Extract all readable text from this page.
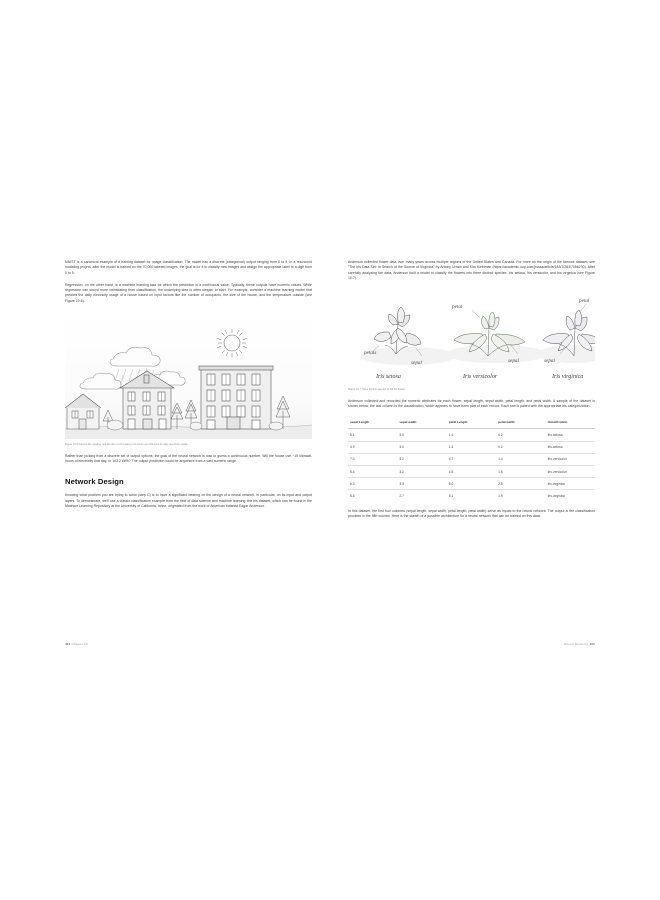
MNIST is a canonical example of a training dataset for image classification. The model has a discrete (categorical) output ranging from 0 to 9. In a real-world modeling project, after the model is trained on the 70,000 labeled images, the goal is for it to classify new images and assign the appropriate label to a digit from 0 to 9.

Regression, on the other hand, is a machine learning task for which the prediction is a continuous value. Typically, these outputs have numeric values. While regression can sound more intimidating than classification, the underlying idea is often simpler to start. For example, consider a machine learning model that predicts the daily electricity usage of a house based on input factors like the number of occupants, the size of the house, and the temperature outside (see Figure 10.6).

Figure 10.6 Factors like weather and the size or occupancy of a home can influence its daily electricity usage.

Rather than picking from a discrete set of output options, the goal of the neural network is now to guess a continuous number. Will the house use ~15 kilowatt-hours of electricity that day, or 103.2 kWh? The output prediction could be anywhere from a vast numeric range.

Network Design

Knowing what problem you are trying to solve (step C) is to have a significant bearing on the design of a neural network, in particular, on its input and output layers. To demonstrate, we'll use a classic classification example from the field of data science and machine learning: the iris dataset, which can be found in the Machine Learning Repository at the University of California, Irvine, originated from the work of American botanist Edgar Anderson.

404 Chapter 10

Anderson collected flower data over many years across multiple regions of the United States and Canada. For more on the origin of the famous dataset, see "The Iris Data Set: In Search of the Source of Virginica" by Antony Unwin and Kim Kleinman (https://academic.oup.com/jrsssa/article/183/1/263/7056230). After carefully analyzing the data, Anderson built a model to classify the flowers into three distinct species: Iris setosa, Iris versicolor, and Iris virginica (see Figure 10.7).

petals
sepal
Iris setosa
petal
sepal
Iris versicolor
petal
sepal
Iris virginica

Figure 10.7 Three distinct species of the iris flower

Anderson collected and recorded the numeric attributes for each flower: sepal length, sepal width, petal length, and petal width. A sample of the dataset is shown below; the last column is the classification, which appears to have been part of each record. Each row is paired with the appropriate iris categorization.

sepal Length	sepal width	petal Length	petal width	classification
5.1	3.5	1.4	0.2	Iris-setosa
4.9	3.0	1.4	0.2	Iris-setosa
7.0	3.2	4.7	1.4	Iris-versicolor
6.4	3.2	4.5	1.5	Iris-versicolor
6.3	3.3	6.0	2.5	Iris-virginica
5.8	2.7	5.1	1.9	Iris-virginica

In this dataset, the first four columns (sepal length, sepal width, petal length, petal width) serve as inputs to the neural network. The output is the classification provided in the fifth column. Here is the sketch of a possible architecture for a neural network that can be trained on this data.

Neural Networks 405
